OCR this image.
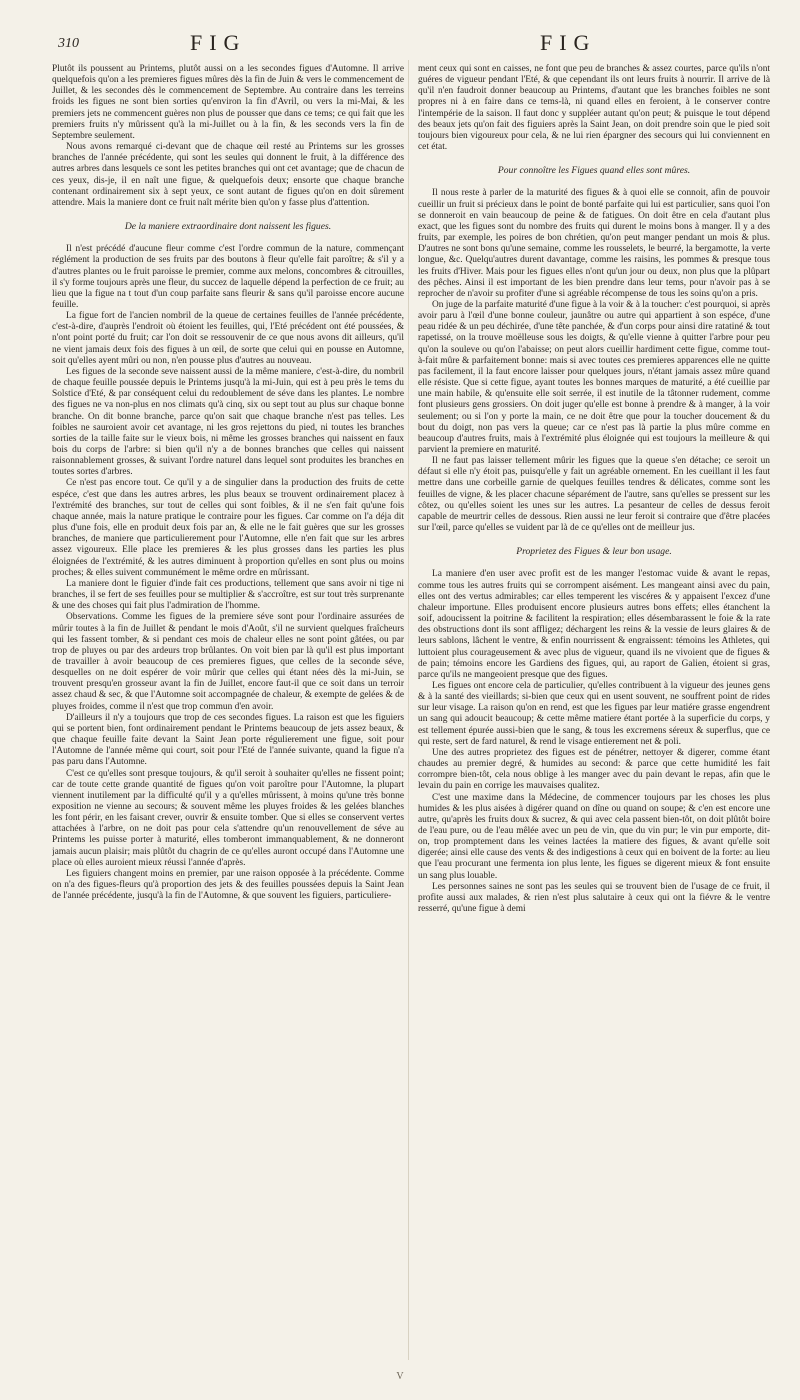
310	FIG	FIG

Plutôt ils poussent au Printems, plutôt aussi on a les secondes figues d'Automne. Il arrive quelquefois qu'on a les premieres figues mûres dès la fin de Juin & vers le commencement de Juillet, & les secondes dès le commencement de Septembre. Au contraire dans les terreins froids les figues ne sont bien sorties qu'environ la fin d'Avril, ou vers la mi-Mai, & les premiers jets ne commencent guères non plus de pousser que dans ce tems; ce qui fait que les premiers fruits n'y mûrissent qu'à la mi-Juillet ou à la fin, & les seconds vers la fin de Septembre seulement.

Nous avons remarqué ci-devant que de chaque œil resté au Printems sur les grosses branches de l'année précédente, qui sont les seules qui donnent le fruit, à la différence des autres arbres dans lesquels ce sont les petites branches qui ont cet avantage; que de chacun de ces yeux, dis-je, il en naît une figue, & quelquefois deux; ensorte que chaque branche contenant ordinairement six à sept yeux, ce sont autant de figues qu'on en doit sûrement attendre. Mais la maniere dont ce fruit naît mérite bien qu'on y fasse plus d'attention.

De la maniere extraordinaire dont naissent les figues.

Il n'est précédé d'aucune fleur comme c'est l'ordre commun de la nature, commençant réglément la production de ses fruits par des boutons à fleur qu'elle fait paroître; & s'il y a d'autres plantes ou le fruit paroisse le premier, comme aux melons, concombres & citrouilles, il s'y forme toujours après une fleur, du succez de laquelle dépend la perfection de ce fruit; au lieu que la figue na t tout d'un coup parfaite sans fleurir & sans qu'il paroisse encore aucune feuille.

La figue fort de l'ancien nombril de la queue de certaines feuilles de l'année précédente, c'est-à-dire, d'auprès l'endroit où étoient les feuilles, qui, l'Eté précédent ont été poussées, & n'ont point porté du fruit; car l'on doit se ressouvenir de ce que nous avons dit ailleurs, qu'il ne vient jamais deux fois des figues à un œil, de sorte que celui qui en pousse en Automne, soit qu'elles ayent mûri ou non, n'en pousse plus d'autres au nouveau.

Les figues de la seconde seve naissent aussi de la même maniere, c'est-à-dire, du nombril de chaque feuille poussée depuis le Printems jusqu'à la mi-Juin, qui est à peu près le tems du Solstice d'Eté, & par conséquent celui du redoublement de séve dans les plantes. Le nombre des figues ne va non-plus en nos climats qu'à cinq, six ou sept tout au plus sur chaque bonne branche. On dit bonne branche, parce qu'on sait que chaque branche n'est pas telles. Les foibles ne sauroient avoir cet avantage, ni les gros rejettons du pied, ni toutes les branches sorties de la taille faite sur le vieux bois, ni même les grosses branches qui naissent en faux bois du corps de l'arbre: si bien qu'il n'y a de bonnes branches que celles qui naissent raisonnablement grosses, & suivant l'ordre naturel dans lequel sont produites les branches en toutes sortes d'arbres.

Ce n'est pas encore tout. Ce qu'il y a de singulier dans la production des fruits de cette espéce, c'est que dans les autres arbres, les plus beaux se trouvent ordinairement placez à l'extrémité des branches, sur tout de celles qui sont foibles, & il ne s'en fait qu'une fois chaque année, mais la nature pratique le contraire pour les figues. Car comme on l'a déja dit plus d'une fois, elle en produit deux fois par an, & elle ne le fait guères que sur les grosses branches, de maniere que particulierement pour l'Automne, elle n'en fait que sur les arbres assez vigoureux. Elle place les premieres & les plus grosses dans les parties les plus éloignées de l'extrémité, & les autres diminuent à proportion qu'elles en sont plus ou moins proches; & elles suivent communément le même ordre en mûrissant.

La maniere dont le figuier d'inde fait ces productions, tellement que sans avoir ni tige ni branches, il se fert de ses feuilles pour se multiplier & s'accroître, est sur tout très surprenante & une des choses qui fait plus l'admiration de l'homme.

Observations. Comme les figues de la premiere séve sont pour l'ordinaire assurées de mûrir toutes à la fin de Juillet & pendant le mois d'Août, s'il ne survient quelques fraîcheurs qui les fassent tomber, & si pendant ces mois de chaleur elles ne sont point gâtées, ou par trop de pluyes ou par des ardeurs trop brûlantes. On voit bien par là qu'il est plus important de travailler à avoir beaucoup de ces premieres figues, que celles de la seconde séve, desquelles on ne doit espérer de voir mûrir que celles qui étant nées dès la mi-Juin, se trouvent presqu'en grosseur avant la fin de Juillet, encore faut-il que ce soit dans un terroir assez chaud & sec, & que l'Automne soit accompagnée de chaleur, & exempte de gelées & de pluyes froides, comme il n'est que trop commun d'en avoir.

D'ailleurs il n'y a toujours que trop de ces secondes figues. La raison est que les figuiers qui se portent bien, font ordinairement pendant le Printems beaucoup de jets assez beaux, & que chaque feuille faite devant la Saint Jean porte régulierement une figue, soit pour l'Automne de l'année même qui court, soit pour l'Eté de l'année suivante, quand la figue n'a pas paru dans l'Automne.

C'est ce qu'elles sont presque toujours, & qu'il seroit à souhaiter qu'elles ne fissent point; car de toute cette grande quantité de figues qu'on voit paroître pour l'Automne, la plupart viennent inutilement par la difficulté qu'il y a qu'elles mûrissent, à moins qu'une très bonne exposition ne vienne au secours; & souvent même les pluyes froides & les gelées blanches les font périr, en les faisant crever, ouvrir & ensuite tomber. Que si elles se conservent vertes attachées à l'arbre, on ne doit pas pour cela s'attendre qu'un renouvellement de séve au Printems les puisse porter à maturité, elles tomberont immanquablement, & ne donneront jamais aucun plaisir; mais plûtôt du chagrin de ce qu'elles auront occupé dans l'Automne une place où elles auroient mieux réussi l'année d'après.

Les figuiers changent moins en premier, par une raison opposée à la précédente. Comme on n'a des figues-fleurs qu'à proportion des jets & des feuilles poussées depuis la Saint Jean de l'année précédente, jusqu'à la fin de l'Automne, & que souvent les figuiers, particuliere-

ment ceux qui sont en caisses, ne font que peu de branches & assez courtes, parce qu'ils n'ont guéres de vigueur pendant l'Eté, & que cependant ils ont leurs fruits à nourrir. Il arrive de là qu'il n'en faudroit donner beaucoup au Printems, d'autant que les branches foibles ne sont propres ni à en faire dans ce tems-là, ni quand elles en feroient, à le conserver contre l'intempérie de la saison. Il faut donc y suppléer autant qu'on peut; & puisque le tout dépend des beaux jets qu'on fait des figuiers après la Saint Jean, on doit prendre soin que le pied soit toujours bien vigoureux pour cela, & ne lui rien épargner des secours qui lui conviennent en cet état.

Pour connoître les Figues quand elles sont mûres.

Il nous reste à parler de la maturité des figues & à quoi elle se connoit, afin de pouvoir cueillir un fruit si précieux dans le point de bonté parfaite qui lui est particulier, sans quoi l'on se donneroit en vain beaucoup de peine & de fatigues. On doit être en cela d'autant plus exact, que les figues sont du nombre des fruits qui durent le moins bons à manger. Il y a des fruits, par exemple, les poires de bon chrétien, qu'on peut manger pendant un mois & plus. D'autres ne sont bons qu'une semaine, comme les rousselets, le beurré, la bergamotte, la verte longue, &c. Quelqu'autres durent davantage, comme les raisins, les pommes & presque tous les fruits d'Hiver. Mais pour les figues elles n'ont qu'un jour ou deux, non plus que la plûpart des pêches. Ainsi il est important de les bien prendre dans leur tems, pour n'avoir pas à se reprocher de n'avoir su profiter d'une si agréable récompense de tous les soins qu'on a pris.

On juge de la parfaite maturité d'une figue à la voir & à la toucher: c'est pourquoi, si après avoir paru à l'œil d'une bonne couleur, jaunâtre ou autre qui appartient à son espéce, d'une peau ridée & un peu déchirée, d'une tête panchée, & d'un corps pour ainsi dire ratatiné & tout rapetissé, on la trouve moëlleuse sous les doigts, & qu'elle vienne à quitter l'arbre pour peu qu'on la souleve ou qu'on l'abaisse; on peut alors cueillir hardiment cette figue, comme tout-à-fait mûre & parfaitement bonne: mais si avec toutes ces premieres apparences elle ne quitte pas facilement, il la faut encore laisser pour quelques jours, n'étant jamais assez mûre quand elle résiste. Que si cette figue, ayant toutes les bonnes marques de maturité, a été cueillie par une main habile, & qu'ensuite elle soit serrée, il est inutile de la tâtonner rudement, comme font plusieurs gens grossiers. On doit juger qu'elle est bonne à prendre & à manger, à la voir seulement; ou si l'on y porte la main, ce ne doit être que pour la toucher doucement & du bout du doigt, non pas vers la queue; car ce n'est pas là partie la plus mûre comme en beaucoup d'autres fruits, mais à l'extrémité plus éloignée qui est toujours la meilleure & qui parvient la premiere en maturité.

Il ne faut pas laisser tellement mûrir les figues que la queue s'en détache; ce seroit un défaut si elle n'y étoit pas, puisqu'elle y fait un agréable ornement. En les cueillant il les faut mettre dans une corbeille garnie de quelques feuilles tendres & délicates, comme sont les feuilles de vigne, & les placer chacune séparément de l'autre, sans qu'elles se pressent sur les côtez, ou qu'elles soient les unes sur les autres. La pesanteur de celles de dessus feroit capable de meurtrir celles de dessous. Rien aussi ne leur feroit si contraire que d'être placées sur l'œil, parce qu'elles se vuident par là de ce qu'elles ont de meilleur jus.

Proprietez des Figues & leur bon usage.

La maniere d'en user avec profit est de les manger l'estomac vuide & avant le repas, comme tous les autres fruits qui se corrompent aisément. Les mangeant ainsi avec du pain, elles ont des vertus admirables; car elles temperent les viscéres & y appaisent l'excez d'une chaleur importune. Elles produisent encore plusieurs autres bons effets; elles étanchent la soif, adoucissent la poitrine & facilitent la respiration; elles désembarassent le foie & la rate des obstructions dont ils sont affligez; déchargent les reins & la vessie de leurs glaires & de leurs sablons, lâchent le ventre, & enfin nourrissent & engraissent: témoins les Athletes, qui luttoient plus courageusement & avec plus de vigueur, quand ils ne vivoient que de figues & de pain; témoins encore les Gardiens des figues, qui, au raport de Galien, étoient si gras, parce qu'ils ne mangeoient presque que des figues.

Les figues ont encore cela de particulier, qu'elles contribuent à la vigueur des jeunes gens & à la santé des vieillards; si-bien que ceux qui en usent souvent, ne souffrent point de rides sur leur visage. La raison qu'on en rend, est que les figues par leur matiére grasse engendrent un sang qui adoucit beaucoup; & cette même matiere étant portée à la superficie du corps, y est tellement épurée aussi-bien que le sang, & tous les excremens séreux & superflus, que ce qui reste, sert de fard naturel, & rend le visage entierement net & poli.

Une des autres proprietez des figues est de pénétrer, nettoyer & digerer, comme étant chaudes au premier degré, & humides au second: & parce que cette humidité les fait corrompre bien-tôt, cela nous oblige à les manger avec du pain devant le repas, afin que le levain du pain en corrige les mauvaises qualitez.

C'est une maxime dans la Médecine, de commencer toujours par les choses les plus humides & les plus aisées à digérer quand on dîne ou quand on soupe; & c'en est encore une autre, qu'après les fruits doux & sucrez, & qui avec cela passent bien-tôt, on doit plûtôt boire de l'eau pure, ou de l'eau mêlée avec un peu de vin, que du vin pur; le vin pur emporte, dit-on, trop promptement dans les veines lactées la matiere des figues, & avant qu'elle soit digerée; ainsi elle cause des vents & des indigestions à ceux qui en boivent de la forte: au lieu que l'eau procurant une fermenta ion plus lente, les figues se digerent mieux & font ensuite un sang plus louable.

Les personnes saines ne sont pas les seules qui se trouvent bien de l'usage de ce fruit, il profite aussi aux malades, & rien n'est plus salutaire à ceux qui ont la fiévre & le ventre resserré, qu'une figue à demi

V
